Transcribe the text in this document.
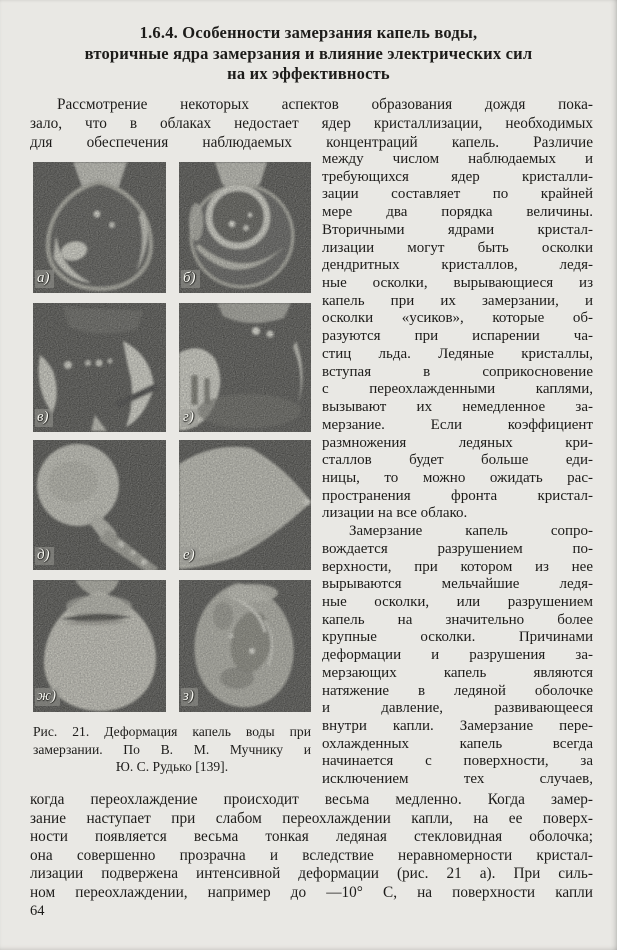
1.6.4. Особенности замерзания капель воды,
вторичные ядра замерзания и влияние электрических сил
на их эффективность
Рассмотрение некоторых аспектов образования дождя пока-
зало, что в облаках недостает ядер кристаллизации, необходимых
для обеспечения наблюдаемых концентраций капель. Различие
а)	б)
в)	г)
д)	е)
ж)	з)
Рис. 21. Деформация капель воды при
замерзании. По В. М. Мучнику и
Ю. С. Рудько [139].
между числом наблюдаемых и
требующихся ядер кристалли-
зации составляет по крайней
мере два порядка величины.
Вторичными ядрами кристал-
лизации могут быть осколки
дендритных кристаллов, ледя-
ные осколки, вырывающиеся из
капель при их замерзании, и
осколки «усиков», которые об-
разуются при испарении ча-
стиц льда. Ледяные кристаллы,
вступая в соприкосновение
с переохлажденными каплями,
вызывают их немедленное за-
мерзание. Если коэффициент
размножения ледяных кри-
сталлов будет больше еди-
ницы, то можно ожидать рас-
пространения фронта кристал-
лизации на все облако.
Замерзание капель сопро-
вождается разрушением по-
верхности, при котором из нее
вырываются мельчайшие ледя-
ные осколки, или разрушением
капель на значительно более
крупные осколки. Причинами
деформации и разрушения за-
мерзающих капель являются
натяжение в ледяной оболочке
и давление, развивающееся
внутри капли. Замерзание пере-
охлажденных капель всегда
начинается с поверхности, за
исключением тех случаев,
когда переохлаждение происходит весьма медленно. Когда замер-
зание наступает при слабом переохлаждении капли, на ее поверх-
ности появляется весьма тонкая ледяная стекловидная оболочка;
она совершенно прозрачна и вследствие неравномерности кристал-
лизации подвержена интенсивной деформации (рис. 21 а). При силь-
ном переохлаждении, например до —10° С, на поверхности капли
64
